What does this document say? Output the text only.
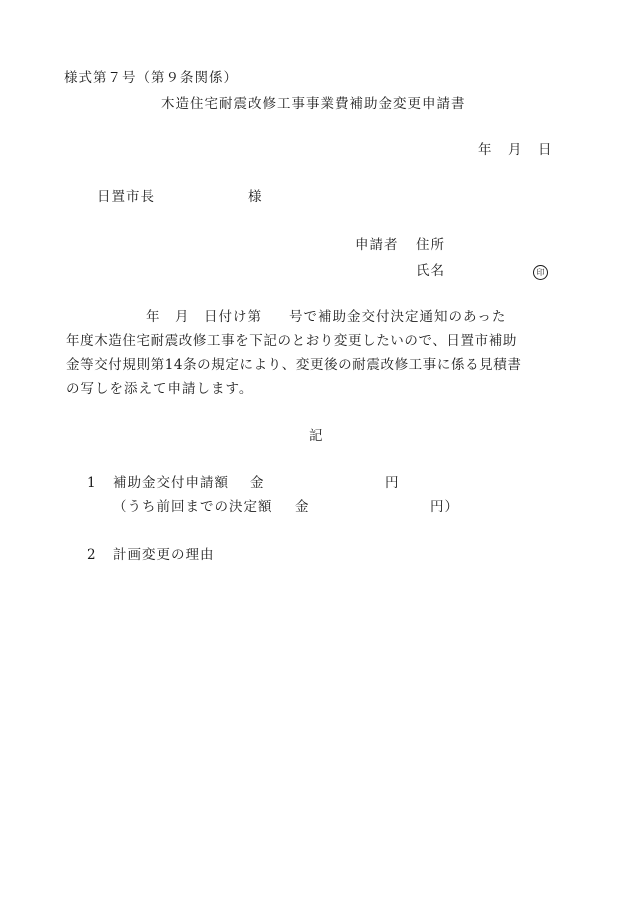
様式第７号（第９条関係）
木造住宅耐震改修工事事業費補助金変更申請書
年 月 日
日置市長	様
申請者 住所
氏名	印
年 月 日付け第 号で補助金交付決定通知のあった
年度木造住宅耐震改修工事を下記のとおり変更したいので、日置市補助
金等交付規則第14条の規定により、変更後の耐震改修工事に係る見積書
の写しを添えて申請します。
記
1 補助金交付申請額 金	円
（うち前回までの決定額 金	円）
2 計画変更の理由
